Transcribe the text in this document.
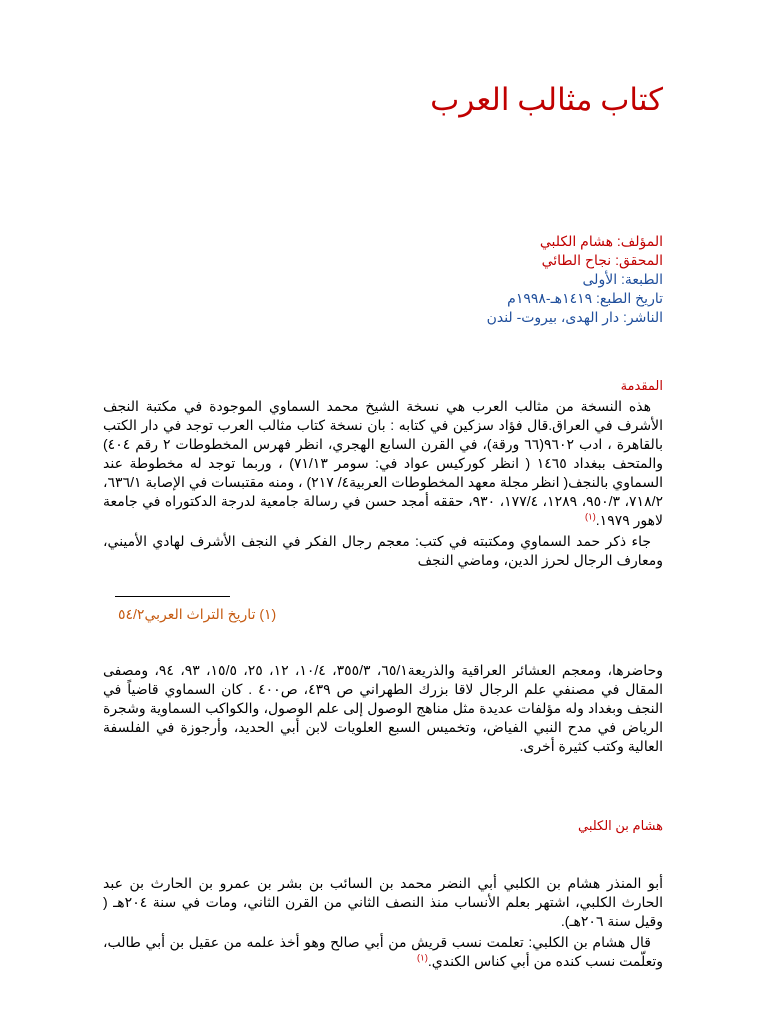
كتاب مثالب العرب
المؤلف: هشام الكلبي
المحقق: نجاح الطائي
الطبعة: الأولى
تاريخ الطبع: ١٤١٩هـ-١٩٩٨م
الناشر: دار الهدى، بيروت- لندن
المقدمة

هذه النسخة من مثالب العرب هي نسخة الشيخ محمد السماوي الموجودة في مكتبة النجف الأشرف في العراق.قال فؤاد سزكين في كتابه : بان نسخة كتاب مثالب العرب توجد في دار الكتب بالقاهرة ، ادب ٩٦٠٢(٦٦ ورقة)، في القرن السابع الهجري، انظر فهرس المخطوطات ٢ رقم ٤٠٤) والمتحف ببغداد ١٤٦٥ ( انظر كوركيس عواد في: سومر ٧١/١٣) ، وربما توجد له مخطوطة عند السماوي بالنجف( انظر مجلة معهد المخطوطات العربية٤/ ٢١٧) ، ومنه مقتبسات في الإصابة ٦٣٦/١، ٧١٨/٢، ٩٥٠/٣، ١٢٨٩، ١٧٧/٤، ٩٣٠، حققه أمجد حسن في رسالة جامعية لدرجة الدكتوراه في جامعة لاهور ١٩٧٩.$^{(١)}$

جاء ذكر حمد السماوي ومكتبته في كتب: معجم رجال الفكر في النجف الأشرف لهادي الأميني، ومعارف الرجال لحرز الدين، وماضي النجف

(١) تاريخ التراث العربي٥٤/٢

وحاضرها، ومعجم العشائر العراقية والذريعة٦٥/١، ٣٥٥/٣، ١٠/٤، ١٢، ٢٥، ١٥/٥، ٩٣، ٩٤، ومصفى المقال في مصنفي علم الرجال لاقا بزرك الطهراني ص ٤٣٩، ص٤٠٠ . كان السماوي قاضياً في النجف وبغداد وله مؤلفات عديدة مثل مناهج الوصول إلى علم الوصول، والكواكب السماوية وشجرة الرياض في مدح النبي الفياض، وتخميس السبع العلويات لابن أبي الحديد، وأرجوزة في الفلسفة العالية وكتب كثيرة أخرى.

هشام بن الكلبي

أبو المنذر هشام بن الكلبي أبي النضر محمد بن السائب بن بشر بن عمرو بن الحارث بن عبد الحارث الكلبي، اشتهر بعلم الأنساب منذ النصف الثاني من القرن الثاني، ومات في سنة ٢٠٤هـ ( وقيل سنة ٢٠٦هـ).

قال هشام بن الكلبي: تعلمت نسب قريش من أبي صالح وهو أخذ علمه من عقيل بن أبي طالب، وتعلّمت نسب كنده من أبي كناس الكندي.$^{(١)}$
